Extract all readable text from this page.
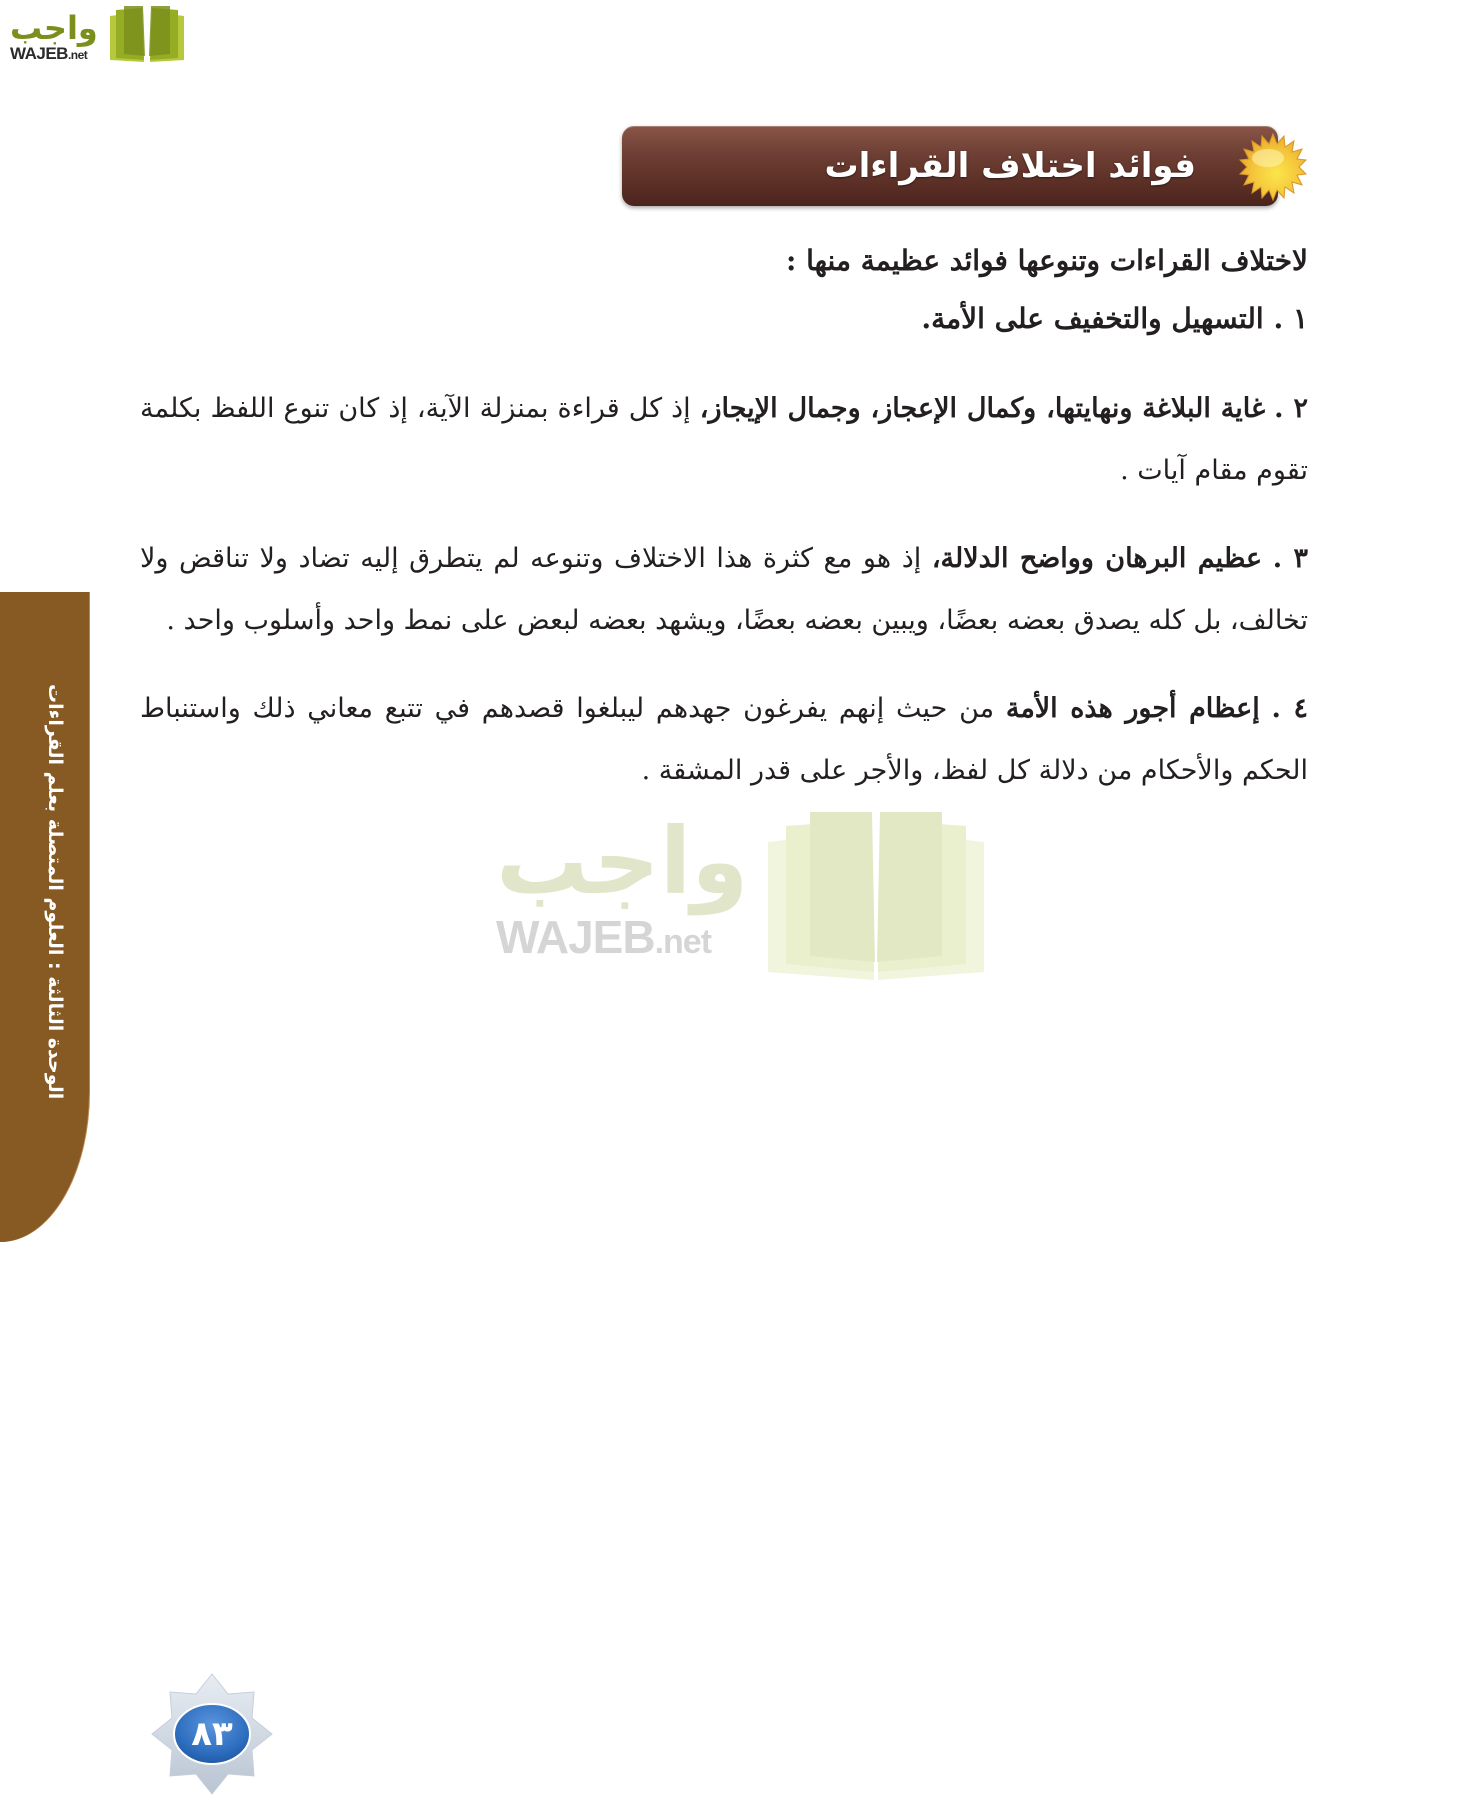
واجب
WAJEB.net
فوائد اختلاف القراءات

لاختلاف القراءات وتنوعها فوائد عظيمة منها :

١ . التسهيل والتخفيف على الأمة.

٢ . غاية البلاغة ونهايتها، وكمال الإعجاز، وجمال الإيجاز، إذ كل قراءة بمنزلة الآية، إذ كان تنوع اللفظ بكلمة تقوم مقام آيات .

٣ . عظيم البرهان وواضح الدلالة، إذ هو مع كثرة هذا الاختلاف وتنوعه لم يتطرق إليه تضاد ولا تناقض ولا تخالف، بل كله يصدق بعضه بعضًا، ويبين بعضه بعضًا، ويشهد بعضه لبعض على نمط واحد وأسلوب واحد .

٤ . إعظام أجور هذه الأمة من حيث إنهم يفرغون جهدهم ليبلغوا قصدهم في تتبع معاني ذلك واستنباط الحكم والأحكام من دلالة كل لفظ، والأجر على قدر المشقة .

واجب
WAJEB.net
الوحدة الثالثة : العلوم المتصلة بعلم القراءات
٨٣
